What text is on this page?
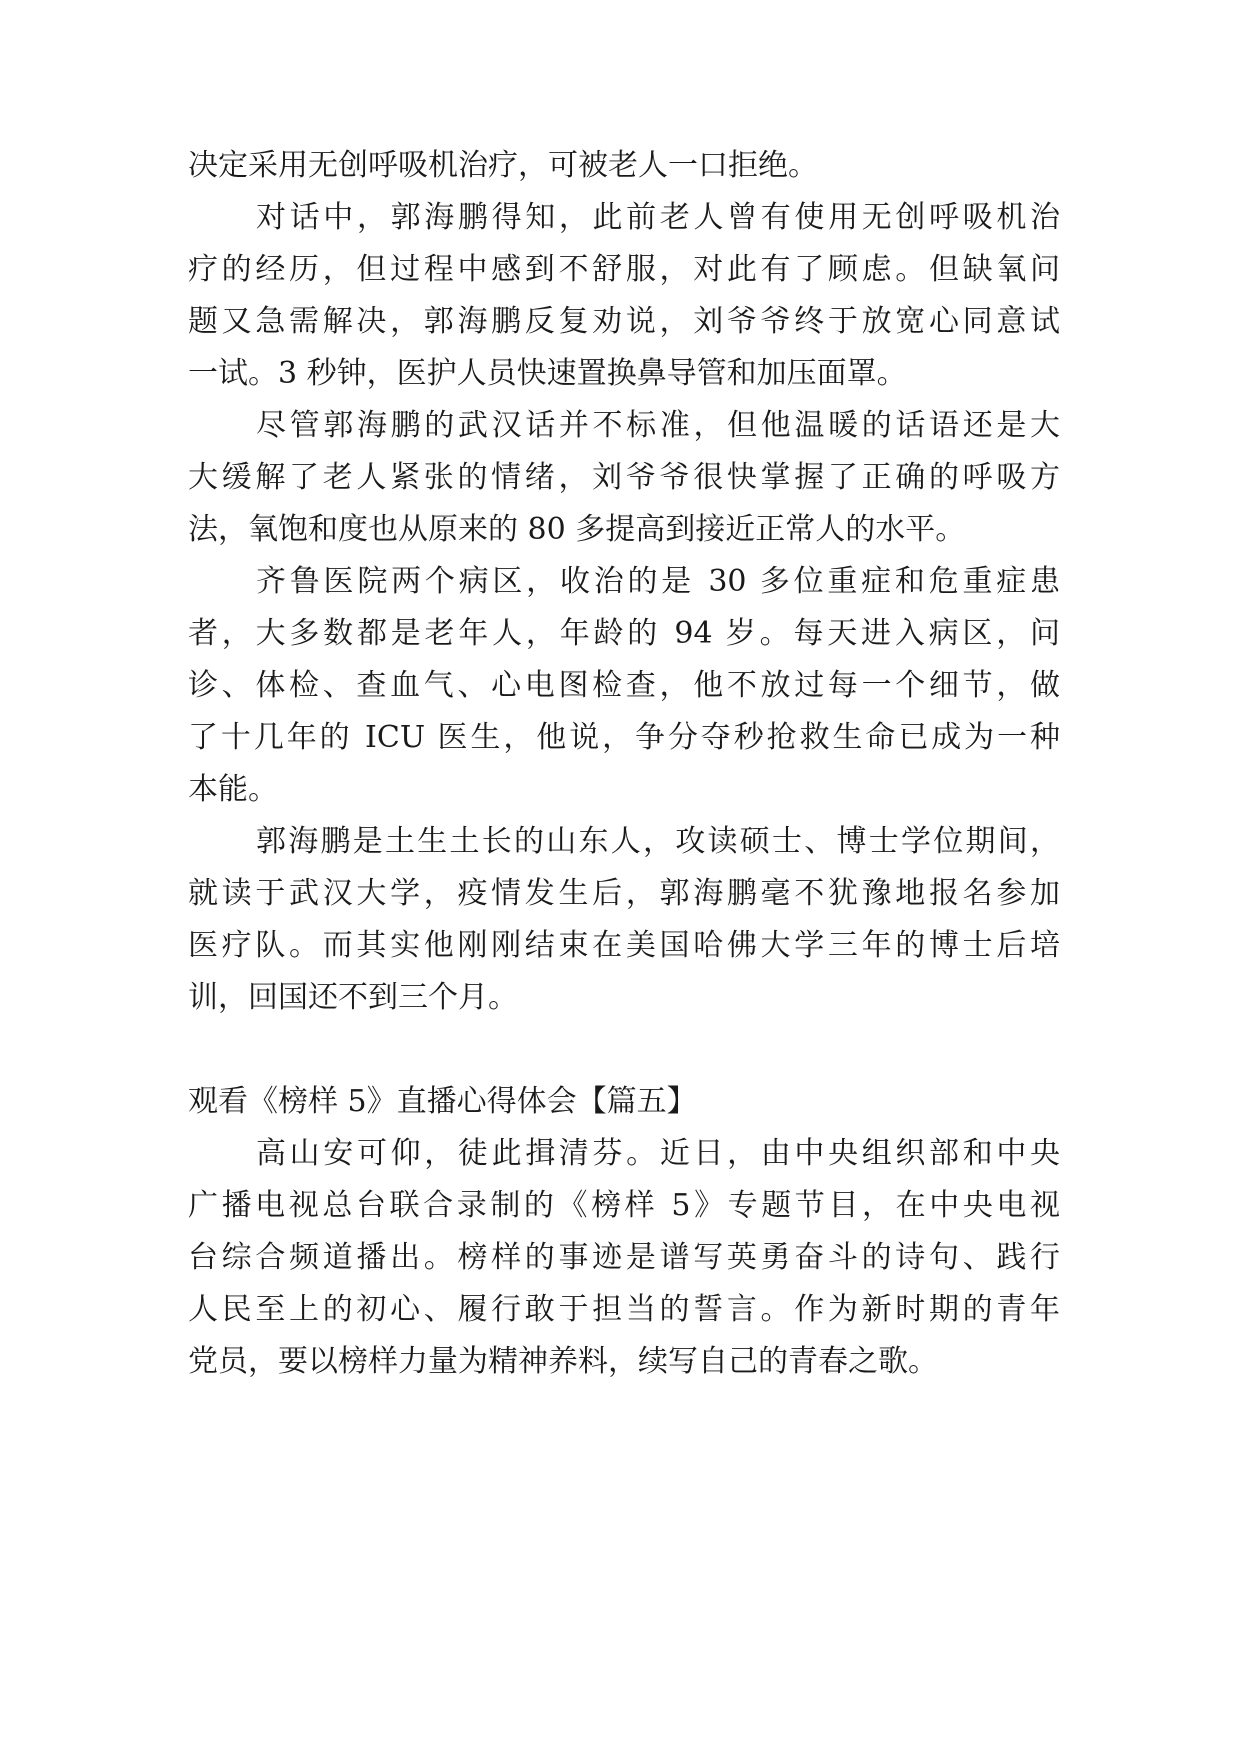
决定采用无创呼吸机治疗，可被老人一口拒绝。
对话中，郭海鹏得知，此前老人曾有使用无创呼吸机治
疗的经历，但过程中感到不舒服，对此有了顾虑。但缺氧问
题又急需解决，郭海鹏反复劝说，刘爷爷终于放宽心同意试
一试。3 秒钟，医护人员快速置换鼻导管和加压面罩。
尽管郭海鹏的武汉话并不标准，但他温暖的话语还是大
大缓解了老人紧张的情绪，刘爷爷很快掌握了正确的呼吸方
法，氧饱和度也从原来的 80 多提高到接近正常人的水平。
齐鲁医院两个病区，收治的是 30 多位重症和危重症患
者，大多数都是老年人，年龄的 94 岁。每天进入病区，问
诊、体检、查血气、心电图检查，他不放过每一个细节，做
了十几年的 ICU 医生，他说，争分夺秒抢救生命已成为一种
本能。
郭海鹏是土生土长的山东人，攻读硕士、博士学位期间，
就读于武汉大学，疫情发生后，郭海鹏毫不犹豫地报名参加
医疗队。而其实他刚刚结束在美国哈佛大学三年的博士后培
训，回国还不到三个月。
观看《榜样 5》直播心得体会【篇五】
高山安可仰，徒此揖清芬。近日，由中央组织部和中央
广播电视总台联合录制的《榜样 5》专题节目，在中央电视
台综合频道播出。榜样的事迹是谱写英勇奋斗的诗句、践行
人民至上的初心、履行敢于担当的誓言。作为新时期的青年
党员，要以榜样力量为精神养料，续写自己的青春之歌。
